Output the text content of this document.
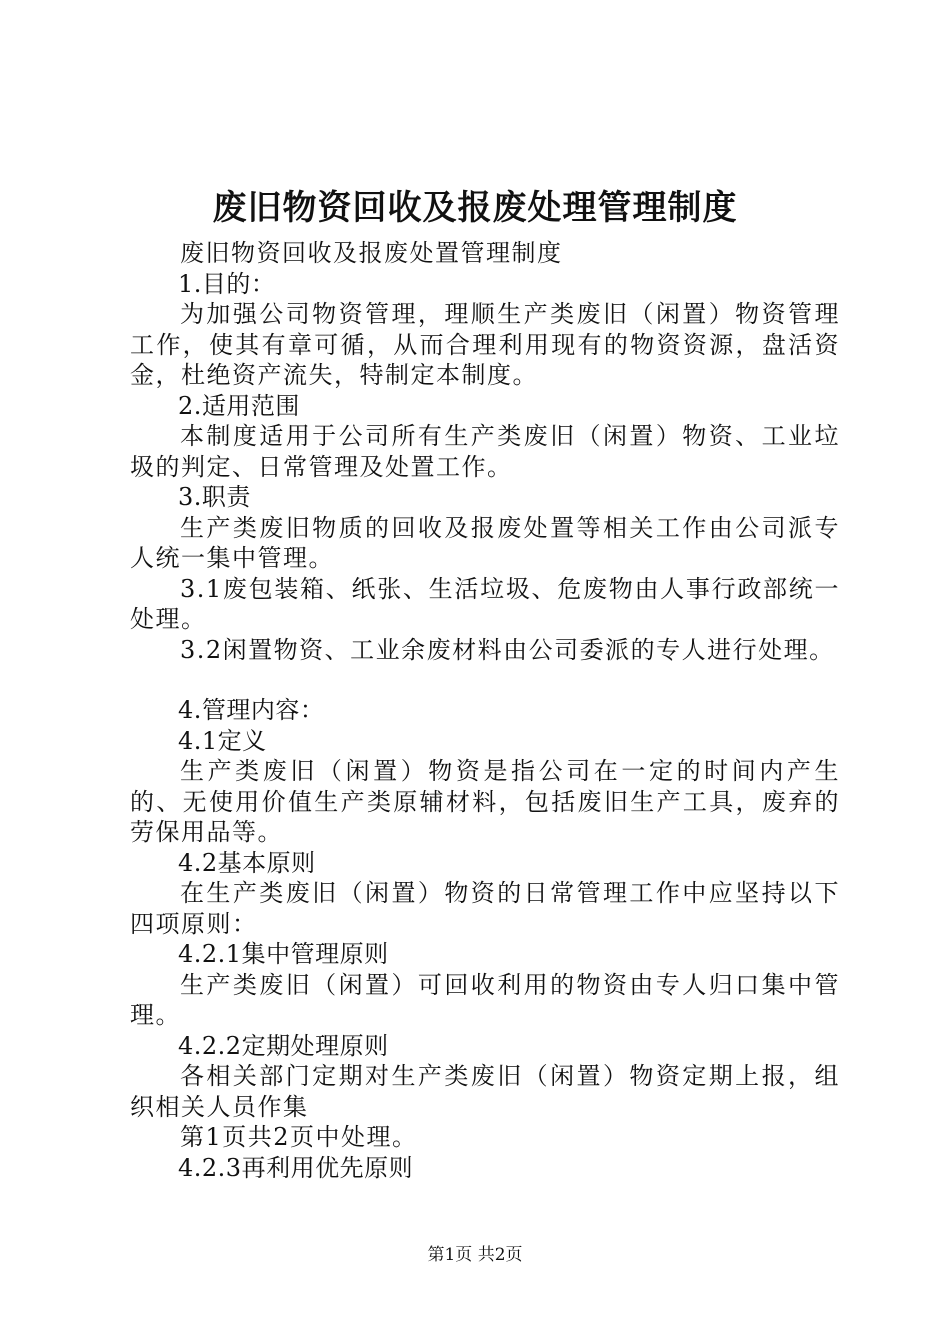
废旧物资回收及报废处理管理制度

废旧物资回收及报废处置管理制度

1.目的：

为加强公司物资管理，理顺生产类废旧（闲置）物资管理工作，使其有章可循，从而合理利用现有的物资资源，盘活资金，杜绝资产流失，特制定本制度。

2.适用范围

本制度适用于公司所有生产类废旧（闲置）物资、工业垃圾的判定、日常管理及处置工作。

3.职责

生产类废旧物质的回收及报废处置等相关工作由公司派专人统一集中管理。

3.1废包装箱、纸张、生活垃圾、危废物由人事行政部统一处理。

3.2闲置物资、工业余废材料由公司委派的专人进行处理。

4.管理内容：

4.1定义

生产类废旧（闲置）物资是指公司在一定的时间内产生的、无使用价值生产类原辅材料，包括废旧生产工具，废弃的劳保用品等。

4.2基本原则

在生产类废旧（闲置）物资的日常管理工作中应坚持以下四项原则：

4.2.1集中管理原则

生产类废旧（闲置）可回收利用的物资由专人归口集中管理。

4.2.2定期处理原则

各相关部门定期对生产类废旧（闲置）物资定期上报，组织相关人员作集

第1页共2页中处理。

4.2.3再利用优先原则

第1页 共2页
